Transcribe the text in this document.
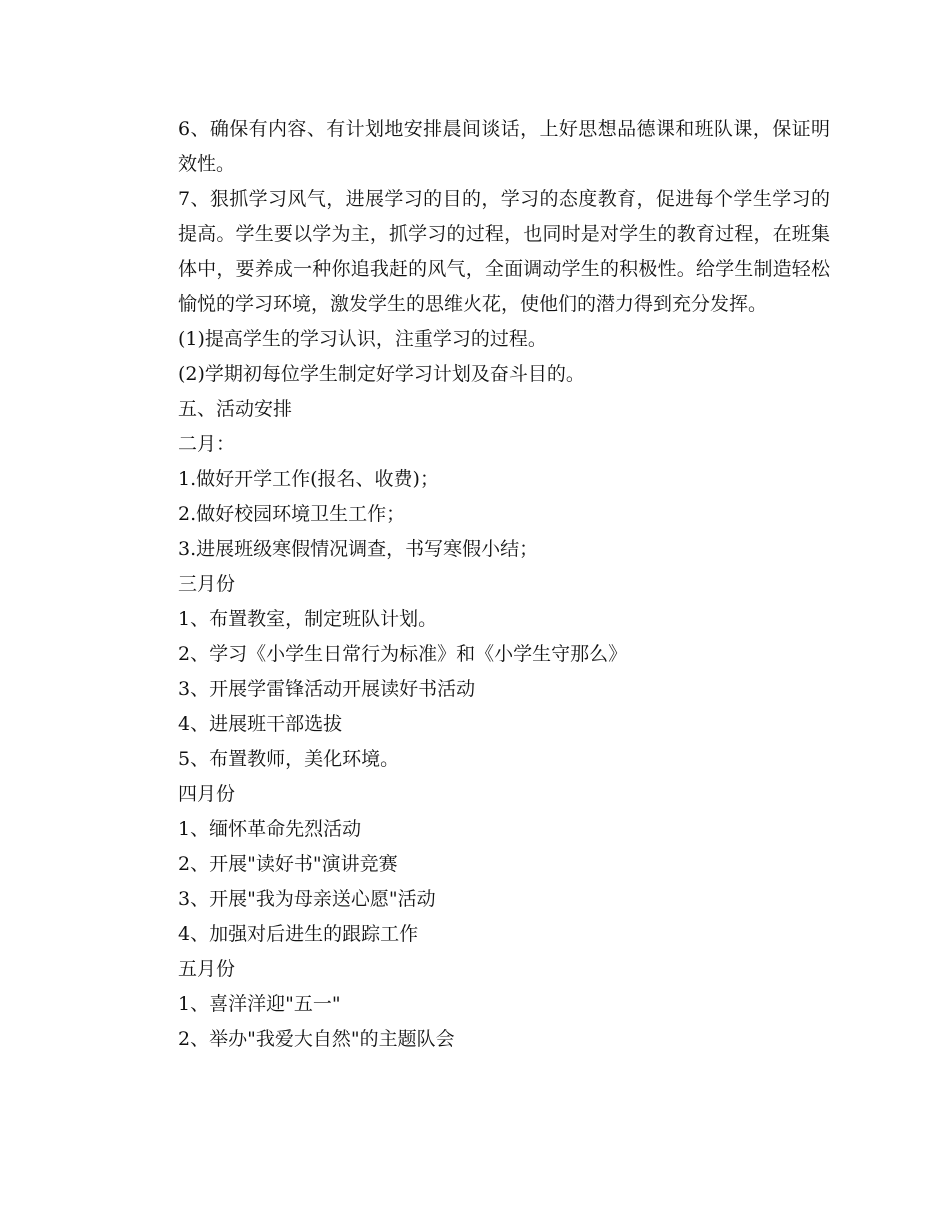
6、确保有内容、有计划地安排晨间谈话，上好思想品德课和班队课，保证明效性。

7、狠抓学习风气，进展学习的目的，学习的态度教育，促进每个学生学习的提高。学生要以学为主，抓学习的过程，也同时是对学生的教育过程，在班集体中，要养成一种你追我赶的风气，全面调动学生的积极性。给学生制造轻松愉悦的学习环境，激发学生的思维火花，使他们的潜力得到充分发挥。

(1)提高学生的学习认识，注重学习的过程。

(2)学期初每位学生制定好学习计划及奋斗目的。

五、活动安排

二月：

1.做好开学工作(报名、收费)；

2.做好校园环境卫生工作；

3.进展班级寒假情况调查，书写寒假小结；

三月份

1、布置教室，制定班队计划。

2、学习《小学生日常行为标准》和《小学生守那么》

3、开展学雷锋活动开展读好书活动

4、进展班干部选拔

5、布置教师，美化环境。

四月份

1、缅怀革命先烈活动

2、开展"读好书"演讲竞赛

3、开展"我为母亲送心愿"活动

4、加强对后进生的跟踪工作

五月份

1、喜洋洋迎"五一"

2、举办"我爱大自然"的主题队会
